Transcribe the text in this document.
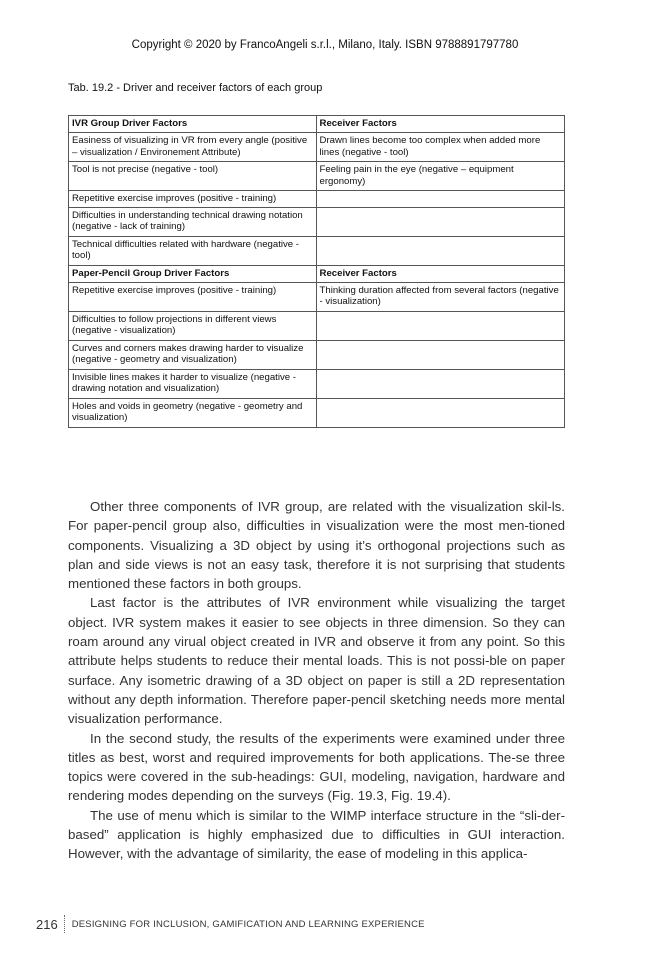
Copyright © 2020 by FrancoAngeli s.r.l., Milano, Italy. ISBN 9788891797780
Tab. 19.2 - Driver and receiver factors of each group
IVR Group Driver Factors	Receiver Factors
Easiness of visualizing in VR from every angle (positive – visualization / Environement Attribute)	Drawn lines become too complex when added more lines (negative - tool)
Tool is not precise (negative - tool)	Feeling pain in the eye (negative – equipment ergonomy)
Repetitive exercise improves (positive - training)	
Difficulties in understanding technical drawing notation (negative - lack of training)	
Technical difficulties related with hardware (negative - tool)	
Paper-Pencil Group Driver Factors	Receiver Factors
Repetitive exercise improves (positive - training)	Thinking duration affected from several factors (negative - visualization)
Difficulties to follow projections in different views (negative - visualization)	
Curves and corners makes drawing harder to visualize (negative - geometry and visualization)	
Invisible lines makes it harder to visualize (negative - drawing notation and visualization)	
Holes and voids in geometry (negative - geometry and visualization)	

Other three components of IVR group, are related with the visualization skil-ls. For paper-pencil group also, difficulties in visualization were the most men-tioned components. Visualizing a 3D object by using it’s orthogonal projections such as plan and side views is not an easy task, therefore it is not surprising that students mentioned these factors in both groups.

Last factor is the attributes of IVR environment while visualizing the target object. IVR system makes it easier to see objects in three dimension. So they can roam around any virual object created in IVR and observe it from any point. So this attribute helps students to reduce their mental loads. This is not possi-ble on paper surface. Any isometric drawing of a 3D object on paper is still a 2D representation without any depth information. Therefore paper-pencil sketching needs more mental visualization performance.

In the second study, the results of the experiments were examined under three titles as best, worst and required improvements for both applications. The-se three topics were covered in the sub-headings: GUI, modeling, navigation, hardware and rendering modes depending on the surveys (Fig. 19.3, Fig. 19.4).

The use of menu which is similar to the WIMP interface structure in the “sli-der-based” application is highly emphasized due to difficulties in GUI interaction. However, with the advantage of similarity, the ease of modeling in this applica-

216 DESIGNING FOR INCLUSION, GAMIFICATION AND LEARNING EXPERIENCE
